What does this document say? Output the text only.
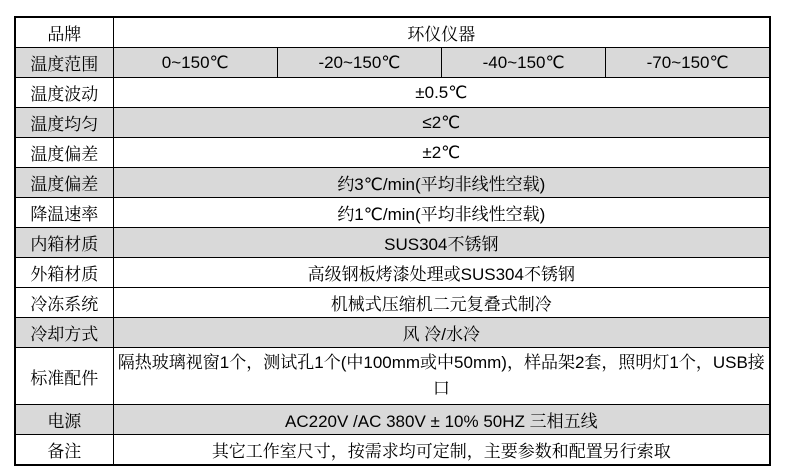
品牌	环仪仪器			
温度范围	0~150℃	-20~150℃	-40~150℃	-70~150℃
温度波动	±0.5℃			
温度均匀	≤2℃			
温度偏差	±2℃			
温度偏差	约3℃/min(平均非线性空载)			
降温速率	约1℃/min(平均非线性空载)			
内箱材质	SUS304不锈钢			
外箱材质	高级钢板烤漆处理或SUS304不锈钢			
冷冻系统	机械式压缩机二元复叠式制冷			
冷却方式	风 冷/水冷			
标准配件	隔热玻璃视窗1个，测试孔1个(中100mm或中50mm)，样品架2套，照明灯1个，USB接口			
电源	AC220V /AC 380V ± 10% 50HZ 三相五线			
备注	其它工作室尺寸，按需求均可定制，主要参数和配置另行索取			
